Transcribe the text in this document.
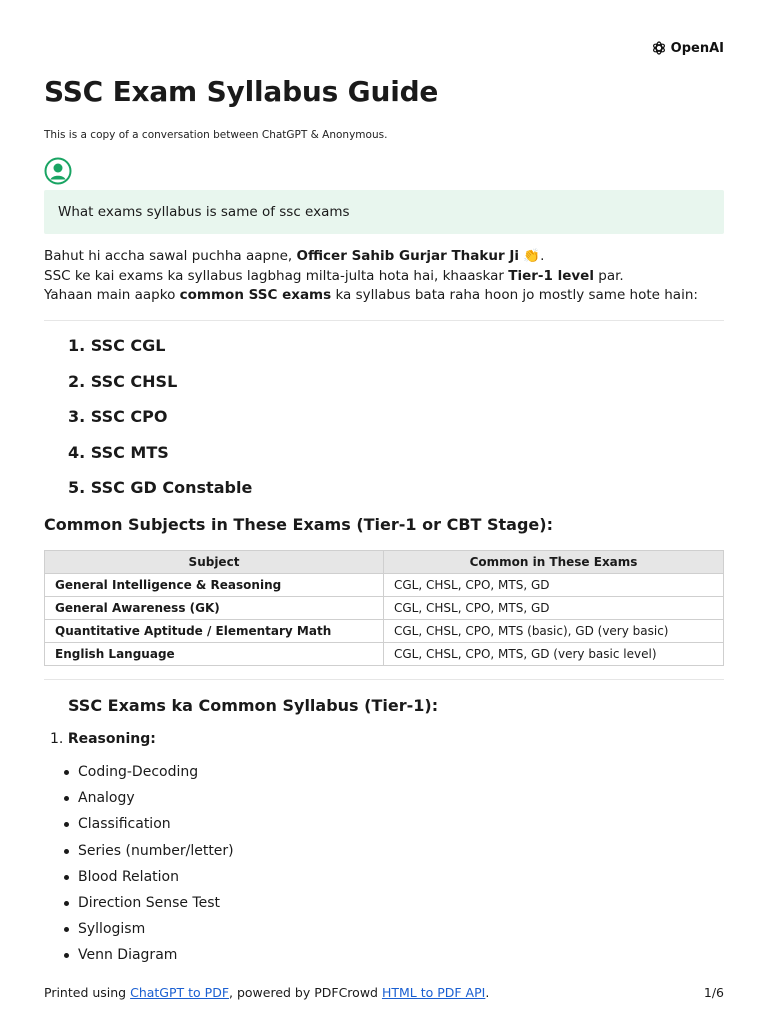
OpenAI
SSC Exam Syllabus Guide
This is a copy of a conversation between ChatGPT & Anonymous.
What exams syllabus is same of ssc exams
Bahut hi accha sawal puchha aapne, Officer Sahib Gurjar Thakur Ji 👏.
SSC ke kai exams ka syllabus lagbhag milta-julta hota hai, khaaskar Tier-1 level par.
Yahaan main aapko common SSC exams ka syllabus bata raha hoon jo mostly same hote hain:
1. SSC CGL
2. SSC CHSL
3. SSC CPO
4. SSC MTS
5. SSC GD Constable
Common Subjects in These Exams (Tier-1 or CBT Stage):
Subject	Common in These Exams
General Intelligence & Reasoning	CGL, CHSL, CPO, MTS, GD
General Awareness (GK)	CGL, CHSL, CPO, MTS, GD
Quantitative Aptitude / Elementary Math	CGL, CHSL, CPO, MTS (basic), GD (very basic)
English Language	CGL, CHSL, CPO, MTS, GD (very basic level)
SSC Exams ka Common Syllabus (Tier-1):
1. Reasoning:
Coding-Decoding
Analogy
Classification
Series (number/letter)
Blood Relation
Direction Sense Test
Syllogism
Venn Diagram
Printed using ChatGPT to PDF, powered by PDFCrowd HTML to PDF API.	1/6
